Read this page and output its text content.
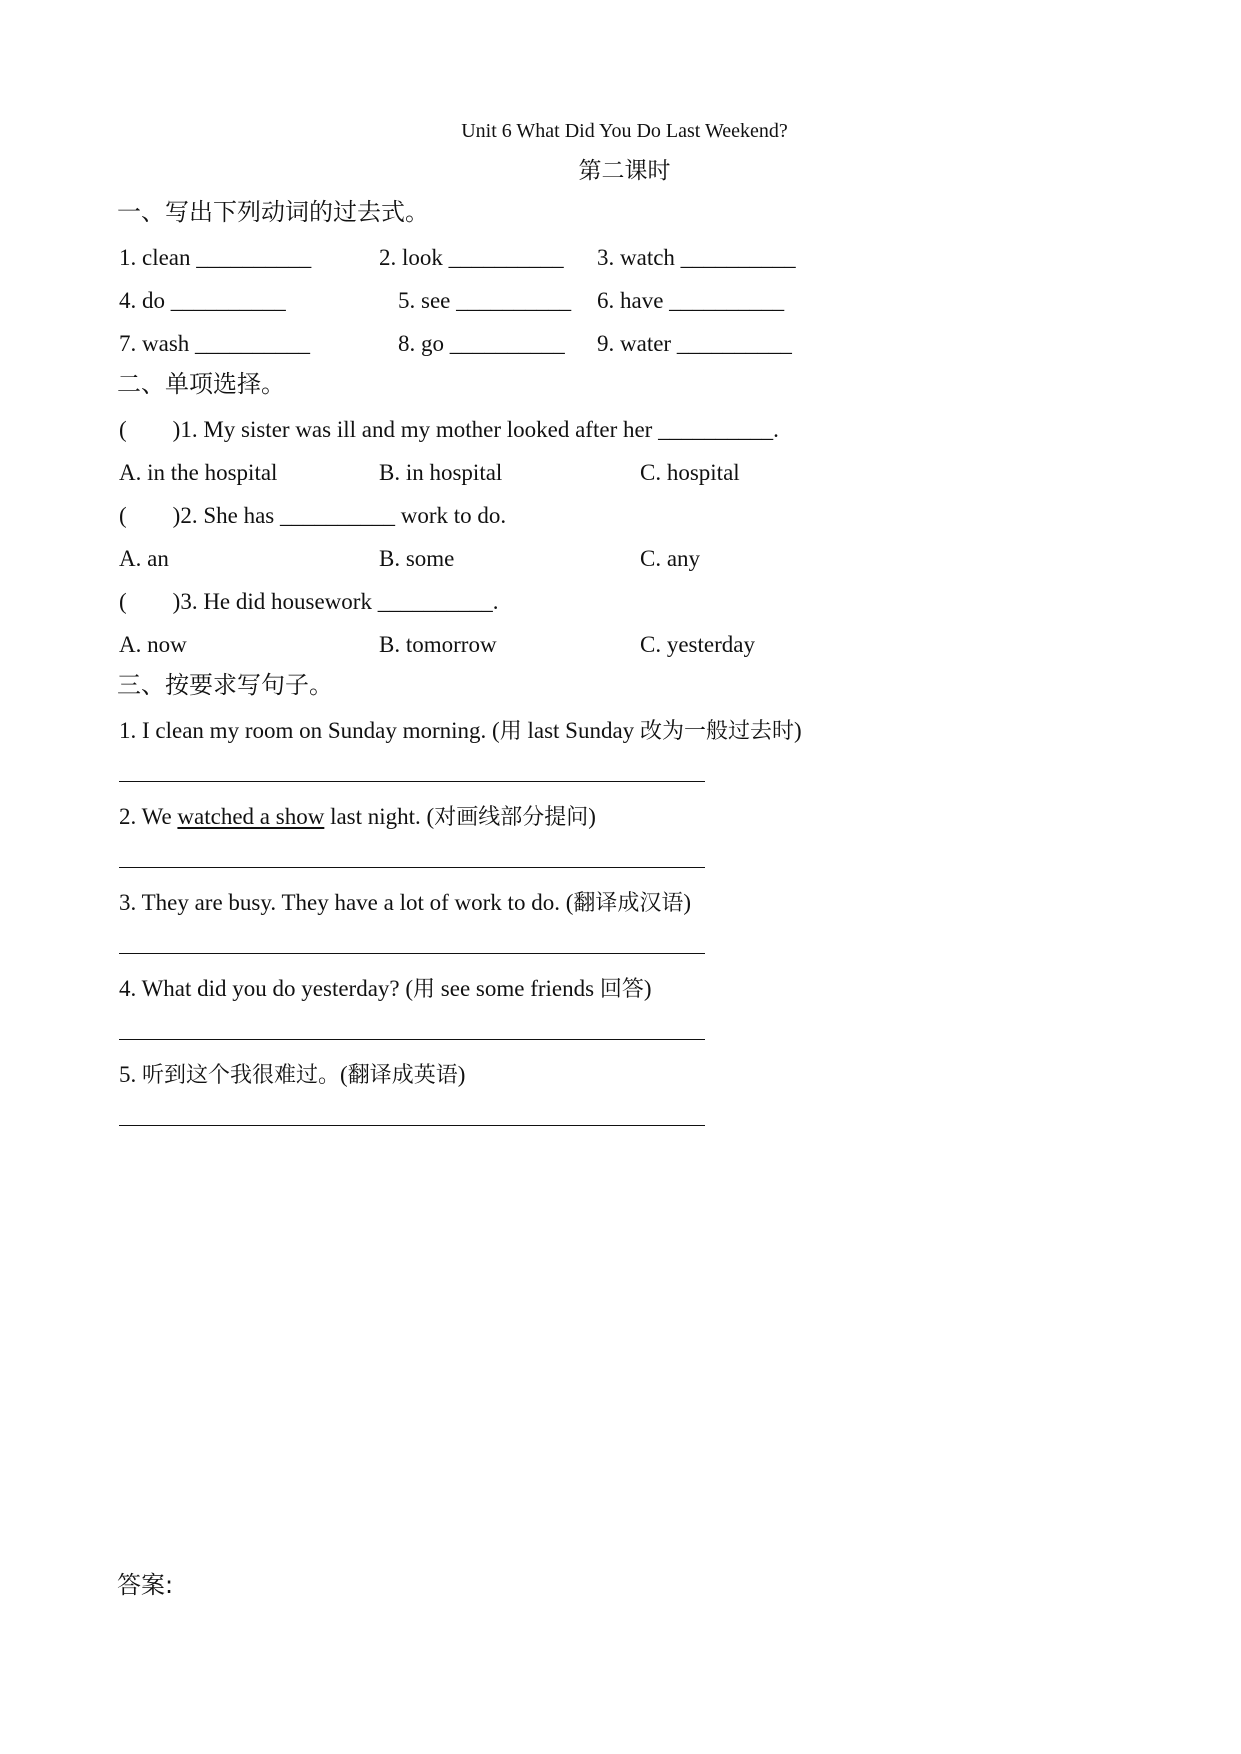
Unit 6 What Did You Do Last Weekend?
第二课时
一、写出下列动词的过去式。
1. clean __________	2. look __________ 3. watch __________
4. do __________	5. see __________ 6. have __________
7. wash __________	8. go __________ 9. water __________
二、单项选择。
(        )1. My sister was ill and my mother looked after her __________.
A. in the hospital	B. in hospital	C. hospital
(        )2. She has __________ work to do.
A. an	B. some	C. any
(        )3. He did housework __________.
A. now	B. tomorrow	C. yesterday
三、按要求写句子。
1. I clean my room on Sunday morning. (用 last Sunday 改为一般过去时)
2. We watched a show last night. (对画线部分提问)
3. They are busy. They have a lot of work to do. (翻译成汉语)
4. What did you do yesterday? (用 see some friends 回答)
5. 听到这个我很难过。(翻译成英语)
答案:
